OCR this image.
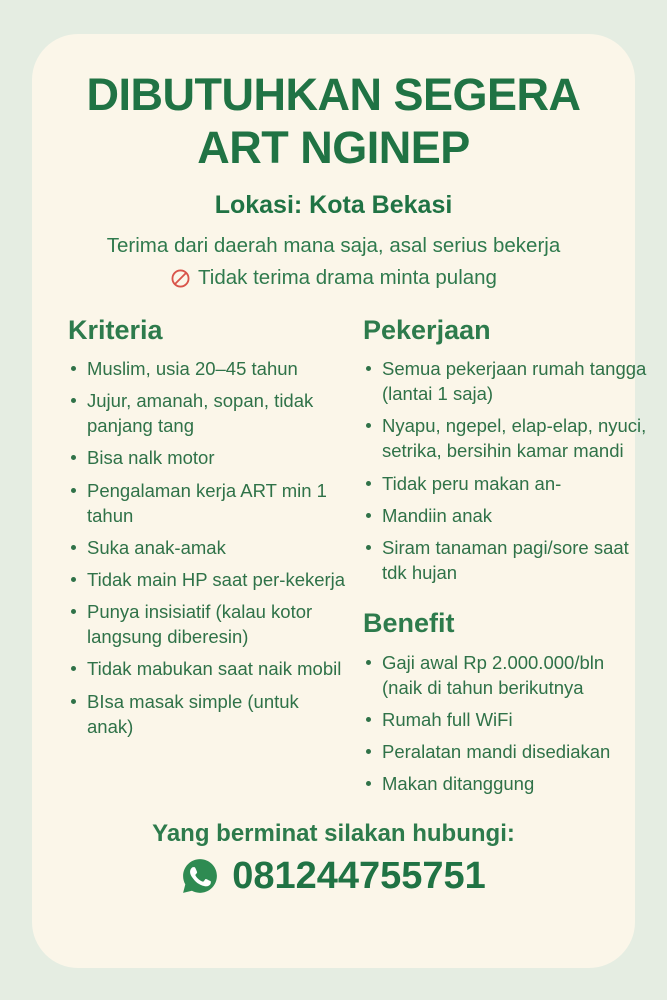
DIBUTUHKAN SEGERA
ART NGINEP
Lokasi: Kota Bekasi
Terima dari daerah mana saja, asal serius bekerja
Tidak terima drama minta pulang
Kriteria
Muslim, usia 20–45 tahun
Jujur, amanah, sopan, tidak panjang tang
Bisa nalk motor
Pengalaman kerja ART min 1 tahun
Suka anak-amak
Tidak main HP saat per-kekerja
Punya insisiatif (kalau kotor langsung diberesin)
Tidak mabukan saat naik mobil
BIsa masak simple (untuk anak)
Pekerjaan
Semua pekerjaan rumah tangga (lantai 1 saja)
Nyapu, ngepel, elap-elap, nyuci, setrika, bersihin kamar mandi
Tidak peru makan an-
Mandiin anak
Siram tanaman pagi/sore saat tdk hujan
Benefit
Gaji awal Rp 2.000.000/bln (naik di tahun berikutnya
Rumah full WiFi
Peralatan mandi disediakan
Makan ditanggung
Yang berminat silakan hubungi:
081244755751
